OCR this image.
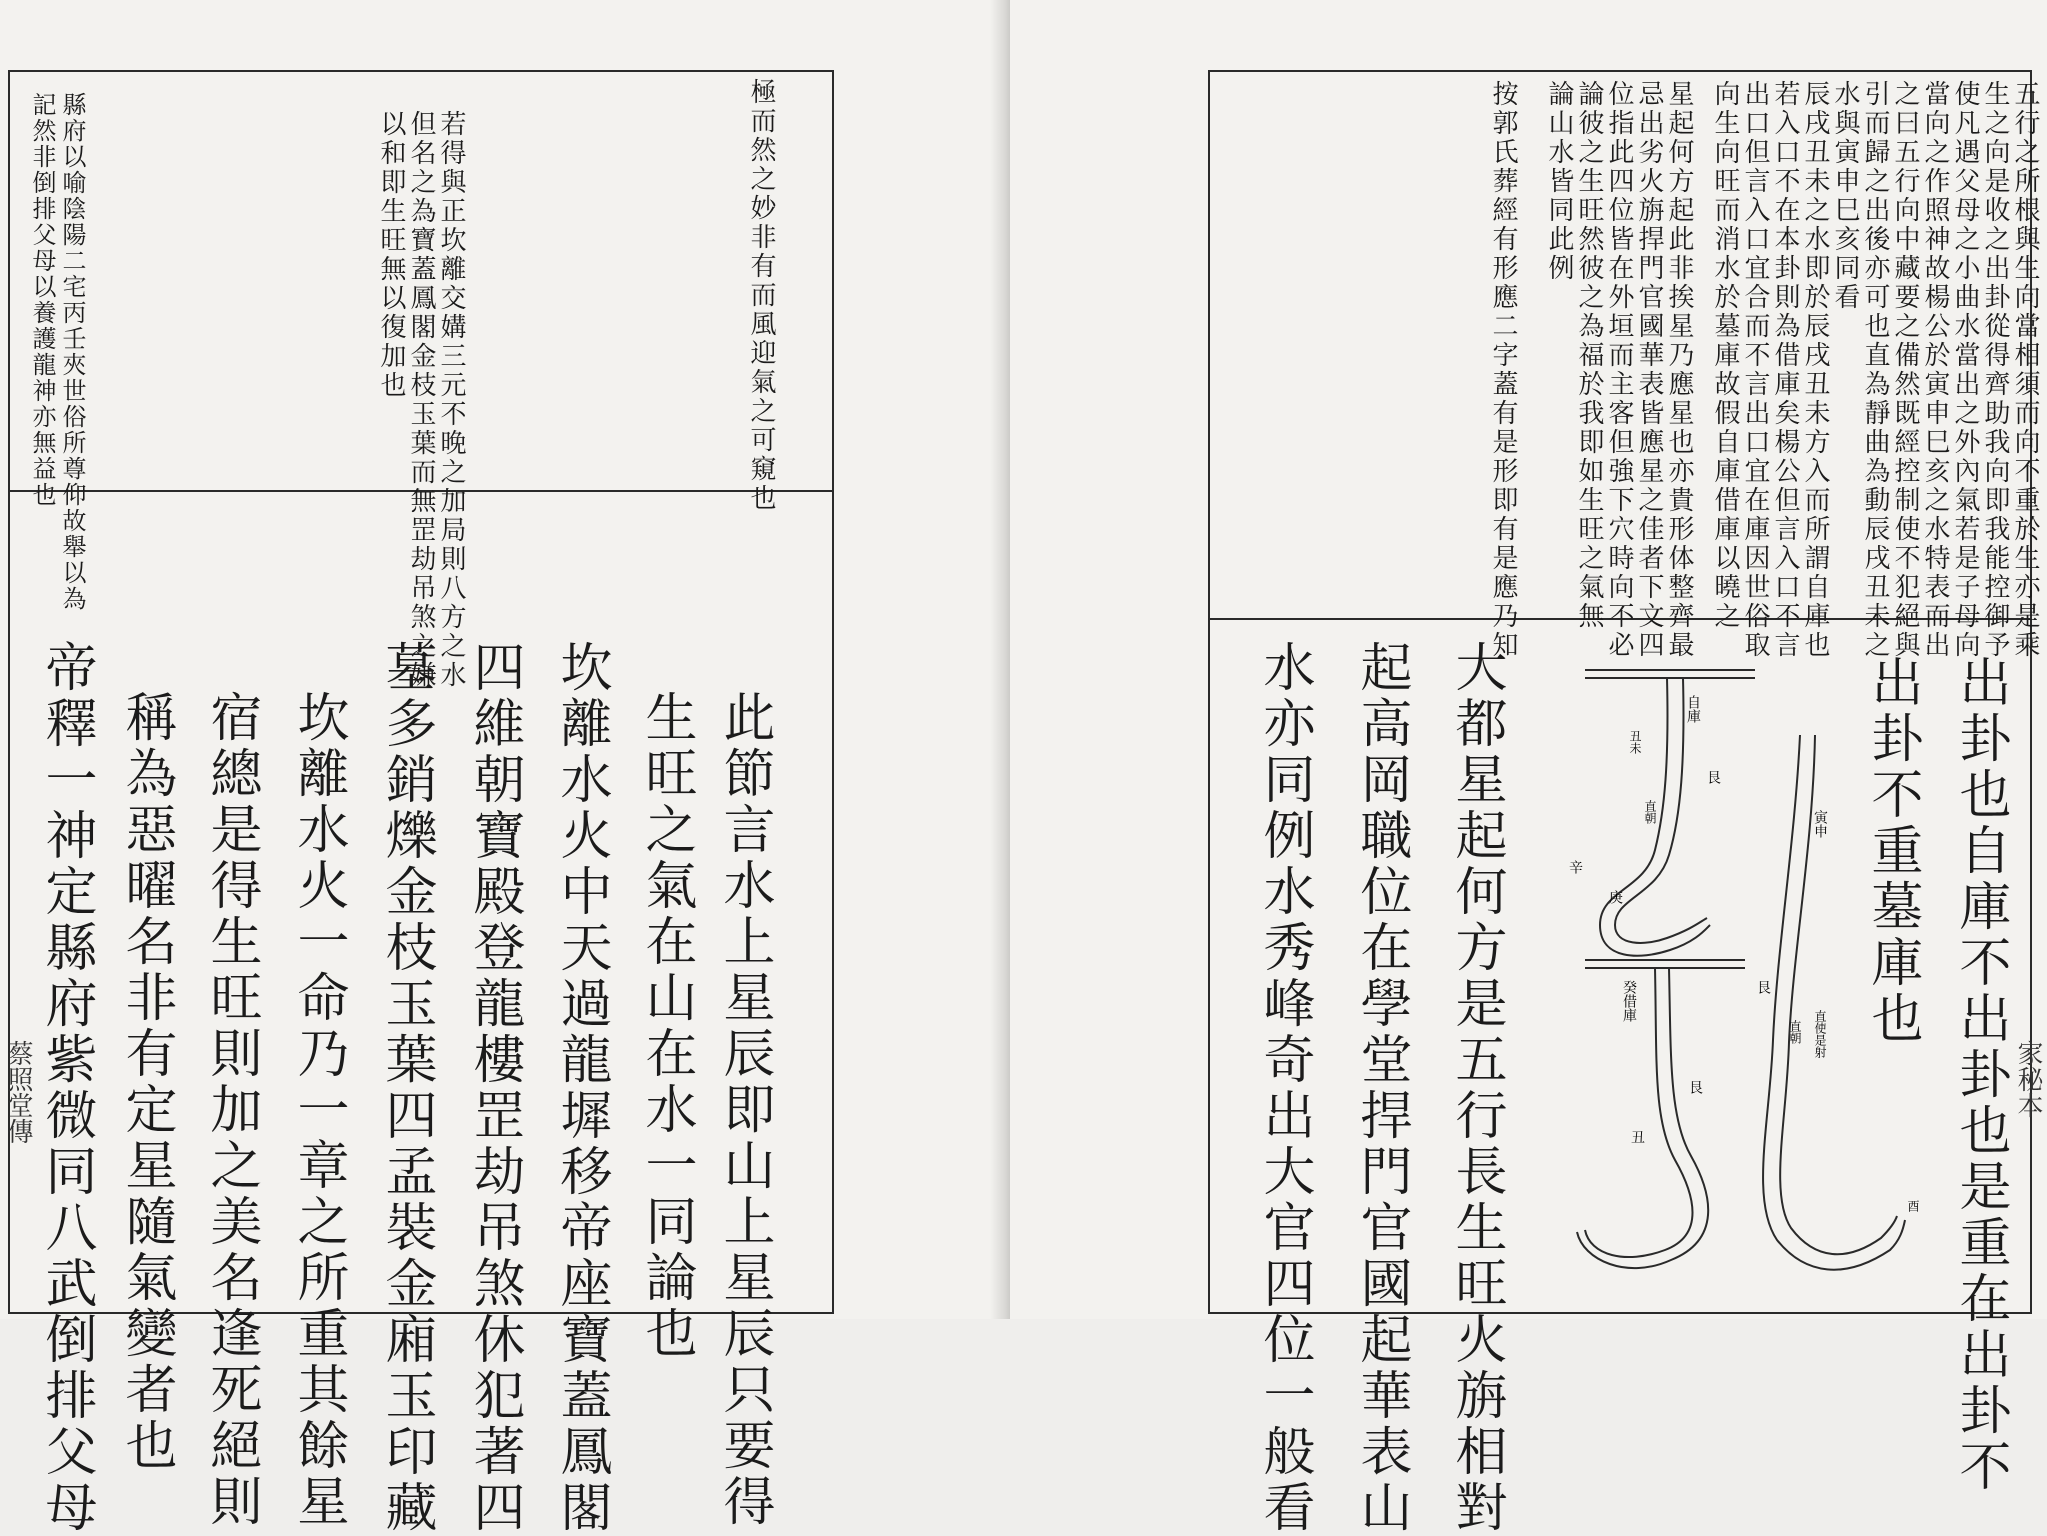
極而然之妙非有而風迎氣之可窺也
若得與正坎離交媾三元不晚之加局則八方之水
但名之為寶蓋鳳閣金枝玉葉而無罡劫吊煞之嫌
以和即生旺無以復加也
縣府以喻陰陽二宅丙壬夾世俗所尊仰故舉以為
記然非倒排父母以養護龍神亦無益也
此節言水上星辰即山上星辰只要得
生旺之氣在山在水一同論也
坎離水火中天過龍墀移帝座寶蓋鳳閣
四維朝寶殿登龍樓罡劫吊煞休犯著四
墓多銷爍金枝玉葉四孟裝金廂玉印藏
坎離水火一命乃一章之所重其餘星
宿總是得生旺則加之美名逢死絕則
稱為惡曜名非有定星隨氣變者也
帝釋一神定縣府紫微同八武倒排父母
蔡照堂傳
五行之所根與生向當相須而向不重於生亦是乘
生之向是收之出卦從得齊助我向即我能控御予
使凡遇父母之小曲水當出之外內氣若是子母向
當向之作照神故楊公於寅申巳亥之水特表而出
之曰五行向中藏要之備然既經控制使不犯絕與
引而歸之出後亦可也直為靜曲為動辰戌丑未之
水與寅申巳亥同看
辰戌丑未之水即於辰戌丑未方入而所謂自庫也
若入口不在本卦則為借庫矣楊公但言入口不言
出口但言入口宜合而不言出口宜在庫因世俗取
向生向旺而消水於墓庫故假自庫借庫以曉之
星起何方起此非挨星乃應星也亦貴形体整齊最
忌出劣火旃捍門官國華表皆應星之佳者下文四
位指此四位皆在外垣而主客但強下穴時向不必
論彼之生旺然彼之為福於我即如生旺之氣無
論山水皆同此例
按郭氏葬經有形應二字蓋有是形即有是應乃知
出卦也自庫不出卦也是重在出卦不
出卦不重墓庫也
自庫
丑未
艮
直朝
辛
庚
癸借庫
艮
丑
寅申
艮
直朝 直使是射
酉
大都星起何方是五行長生旺火旃相對
起高岡職位在學堂捍門官國起華表山
水亦同例水秀峰奇出大官四位一般看	家秘本
